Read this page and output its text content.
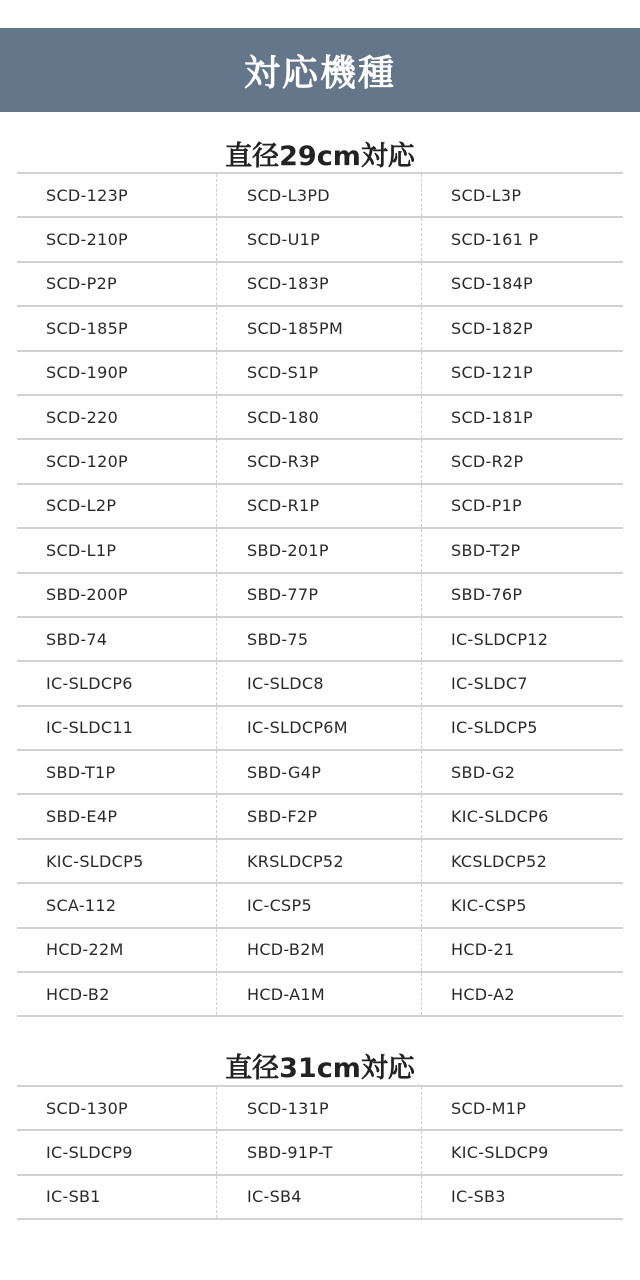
対応機種
直径29cm対応
SCD-123P	SCD-L3PD	SCD-L3P
SCD-210P	SCD-U1P	SCD-161 P
SCD-P2P	SCD-183P	SCD-184P
SCD-185P	SCD-185PM	SCD-182P
SCD-190P	SCD-S1P	SCD-121P
SCD-220	SCD-180	SCD-181P
SCD-120P	SCD-R3P	SCD-R2P
SCD-L2P	SCD-R1P	SCD-P1P
SCD-L1P	SBD-201P	SBD-T2P
SBD-200P	SBD-77P	SBD-76P
SBD-74	SBD-75	IC-SLDCP12
IC-SLDCP6	IC-SLDC8	IC-SLDC7
IC-SLDC11	IC-SLDCP6M	IC-SLDCP5
SBD-T1P	SBD-G4P	SBD-G2
SBD-E4P	SBD-F2P	KIC-SLDCP6
KIC-SLDCP5	KRSLDCP52	KCSLDCP52
SCA-112	IC-CSP5	KIC-CSP5
HCD-22M	HCD-B2M	HCD-21
HCD-B2	HCD-A1M	HCD-A2
直径31cm対応
SCD-130P	SCD-131P	SCD-M1P
IC-SLDCP9	SBD-91P-T	KIC-SLDCP9
IC-SB1	IC-SB4	IC-SB3
